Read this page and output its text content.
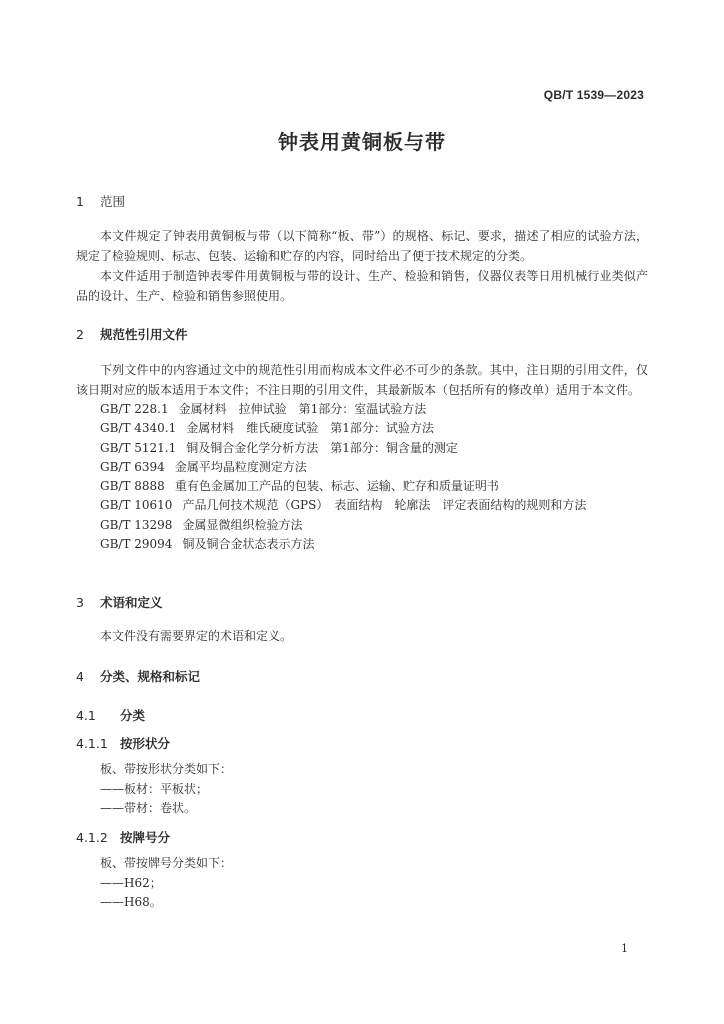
QB/T 1539—2023
钟表用黄铜板与带
1	范围
本文件规定了钟表用黄铜板与带（以下简称“板、带”）的规格、标记、要求，描述了相应的试验方法，规定了检验规则、标志、包装、运输和贮存的内容，同时给出了便于技术规定的分类。
本文件适用于制造钟表零件用黄铜板与带的设计、生产、检验和销售，仪器仪表等日用机械行业类似产品的设计、生产、检验和销售参照使用。
2	规范性引用文件
下列文件中的内容通过文中的规范性引用而构成本文件必不可少的条款。其中，注日期的引用文件，仅该日期对应的版本适用于本文件；不注日期的引用文件，其最新版本（包括所有的修改单）适用于本文件。
GB/T 228.1 金属材料　拉伸试验　第1部分：室温试验方法
GB/T 4340.1 金属材料　维氏硬度试验　第1部分：试验方法
GB/T 5121.1 铜及铜合金化学分析方法　第1部分：铜含量的测定
GB/T 6394 金属平均晶粒度测定方法
GB/T 8888 重有色金属加工产品的包装、标志、运输、贮存和质量证明书
GB/T 10610 产品几何技术规范（GPS）　表面结构　轮廓法　评定表面结构的规则和方法
GB/T 13298 金属显微组织检验方法
GB/T 29094 铜及铜合金状态表示方法
3	术语和定义
本文件没有需要界定的术语和定义。
4	分类、规格和标记
4.1	分类
4.1.1 按形状分
板、带按形状分类如下：
——板材：平板状；
——带材：卷状。
4.1.2 按牌号分
板、带按牌号分类如下：
——H62；
——H68。
1
